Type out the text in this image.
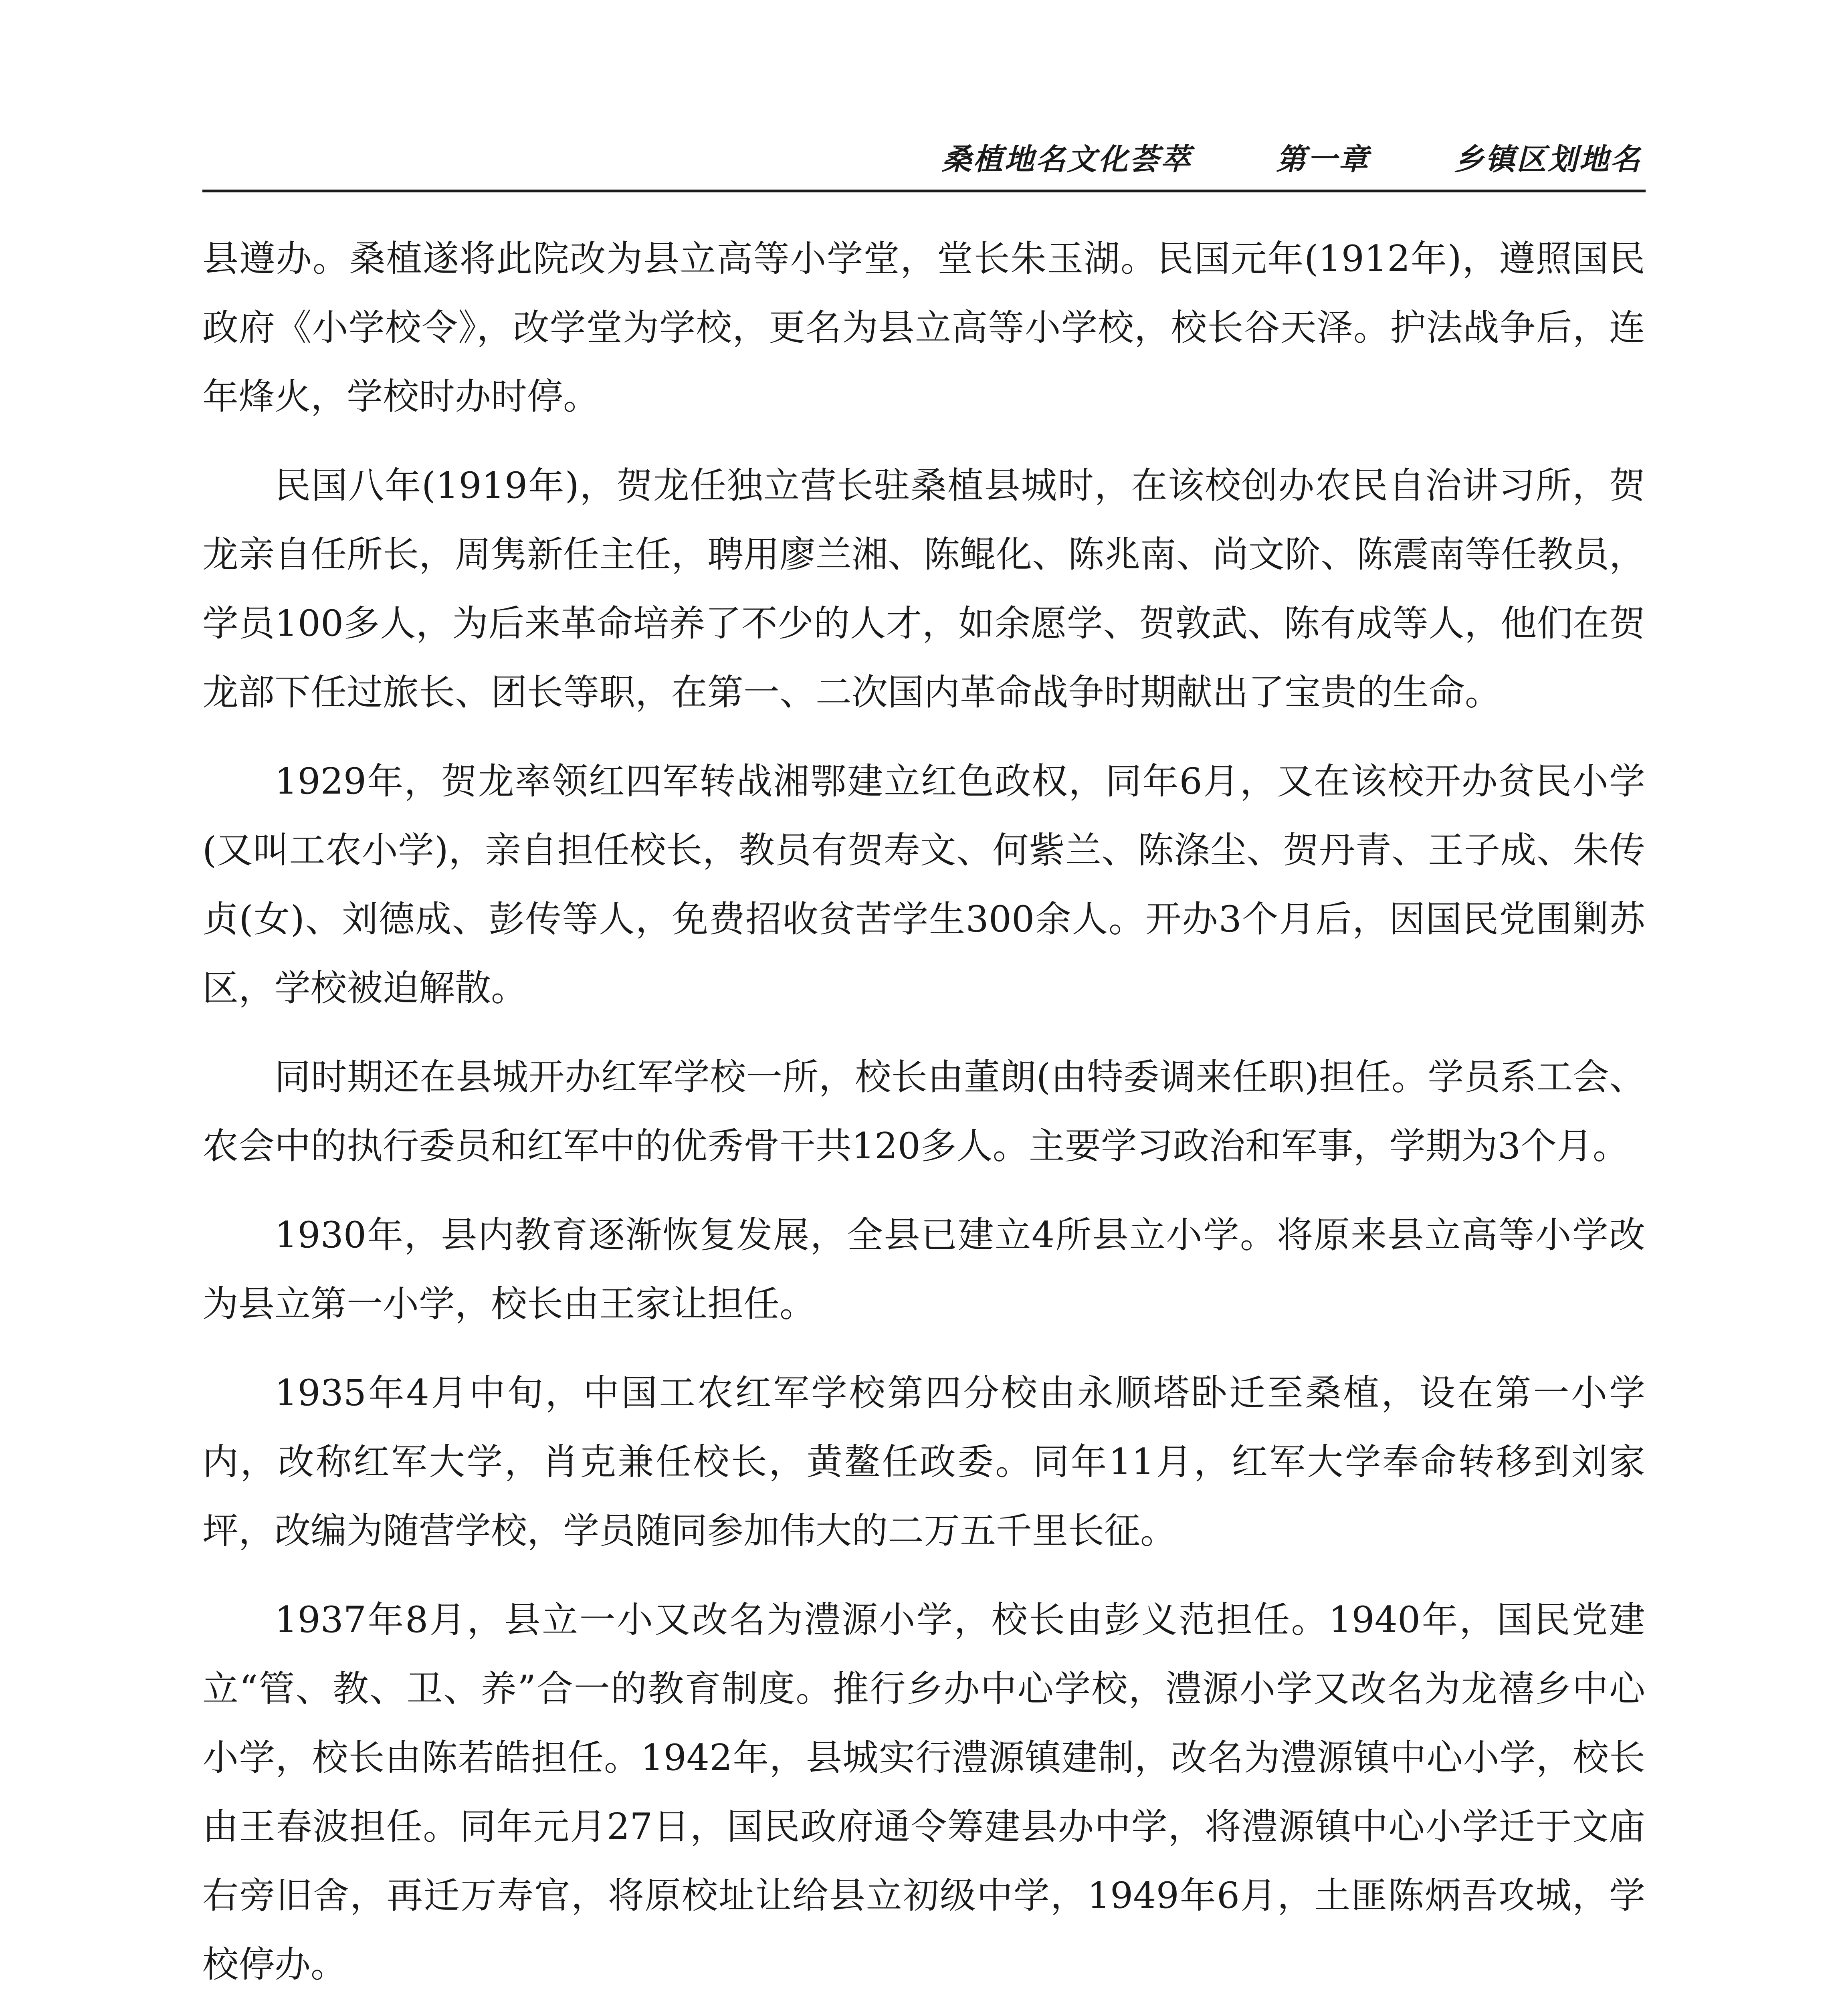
桑植地名文化荟萃	第一章	乡镇区划地名

县遵办。桑植遂将此院改为县立高等小学堂，堂长朱玉湖。民国元年(1912年)，遵照国民政府《小学校令》，改学堂为学校，更名为县立高等小学校，校长谷天泽。护法战争后，连年烽火，学校时办时停。

民国八年(1919年)，贺龙任独立营长驻桑植县城时，在该校创办农民自治讲习所，贺龙亲自任所长，周隽新任主任，聘用廖兰湘、陈鲲化、陈兆南、尚文阶、陈震南等任教员，学员100多人，为后来革命培养了不少的人才，如余愿学、贺敦武、陈有成等人，他们在贺龙部下任过旅长、团长等职，在第一、二次国内革命战争时期献出了宝贵的生命。

1929年，贺龙率领红四军转战湘鄂建立红色政权，同年6月，又在该校开办贫民小学(又叫工农小学)，亲自担任校长，教员有贺寿文、何紫兰、陈涤尘、贺丹青、王子成、朱传贞(女)、刘德成、彭传等人，免费招收贫苦学生300余人。开办3个月后，因国民党围剿苏区，学校被迫解散。

同时期还在县城开办红军学校一所，校长由董朗(由特委调来任职)担任。学员系工会、农会中的执行委员和红军中的优秀骨干共120多人。主要学习政治和军事，学期为3个月。

1930年，县内教育逐渐恢复发展，全县已建立4所县立小学。将原来县立高等小学改为县立第一小学，校长由王家让担任。

1935年4月中旬，中国工农红军学校第四分校由永顺塔卧迁至桑植，设在第一小学内，改称红军大学，肖克兼任校长，黄鳌任政委。同年11月，红军大学奉命转移到刘家坪，改编为随营学校，学员随同参加伟大的二万五千里长征。

1937年8月，县立一小又改名为澧源小学，校长由彭义范担任。1940年，国民党建立“管、教、卫、养”合一的教育制度。推行乡办中心学校，澧源小学又改名为龙禧乡中心小学，校长由陈若皓担任。1942年，县城实行澧源镇建制，改名为澧源镇中心小学，校长由王春波担任。同年元月27日，国民政府通令筹建县办中学，将澧源镇中心小学迁于文庙右旁旧舍，再迁万寿官，将原校址让给县立初级中学，1949年6月，土匪陈炳吾攻城，学校停办。
